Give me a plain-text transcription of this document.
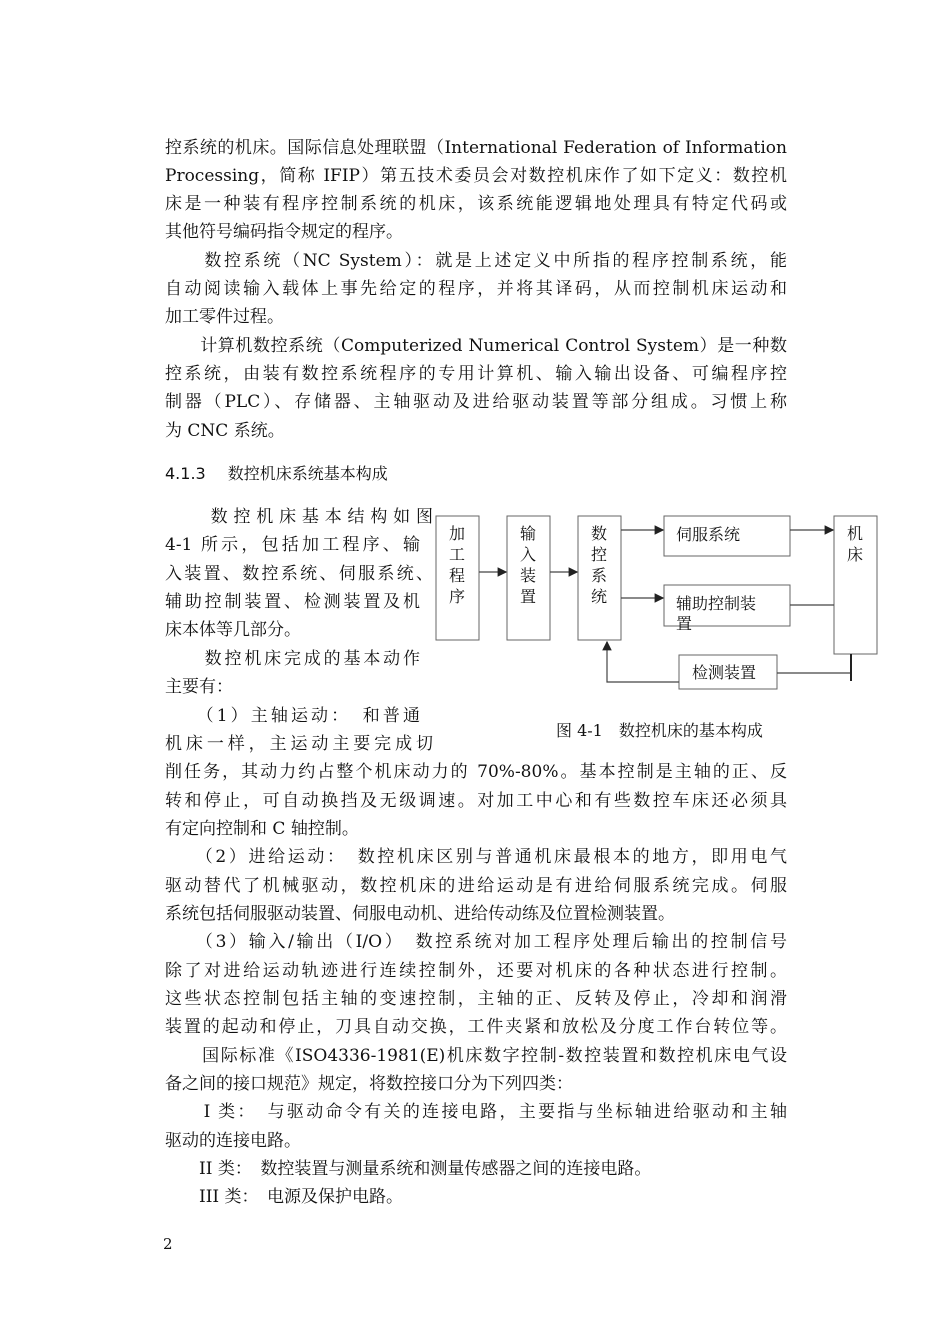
控系统的机床。国际信息处理联盟（International Federation of Information
Processing，简称 IFIP）第五技术委员会对数控机床作了如下定义：数控机
床是一种装有程序控制系统的机床，该系统能逻辑地处理具有特定代码或
其他符号编码指令规定的程序。
　　数控系统（NC System）：就是上述定义中所指的程序控制系统，能
自动阅读输入载体上事先给定的程序，并将其译码，从而控制机床运动和
加工零件过程。
　　计算机数控系统（Computerized Numerical Control System）是一种数
控系统，由装有数控系统程序的专用计算机、输入输出设备、可编程序控
制器（PLC）、存储器、主轴驱动及进给驱动装置等部分组成。习惯上称
为 CNC 系统。
4.1.3 数控机床系统基本构成
　　数控机床基本结构如图
4-1 所示，包括加工程序、输
入装置、数控系统、伺服系统、
辅助控制装置、检测装置及机
床本体等几部分。
　　数控机床完成的基本动作
主要有：
　　（1）主轴运动：　和普通
机床一样，主运动主要完成切
加工程序
输入装置
数控系统
伺服系统
辅助控制装置
机床
检测装置
图 4-1　数控机床的基本构成
削任务，其动力约占整个机床动力的 70%-80%。基本控制是主轴的正、反
转和停止，可自动换挡及无级调速。对加工中心和有些数控车床还必须具
有定向控制和 C 轴控制。
　　（2）进给运动：　数控机床区别与普通机床最根本的地方，即用电气
驱动替代了机械驱动，数控机床的进给运动是有进给伺服系统完成。伺服
系统包括伺服驱动装置、伺服电动机、进给传动练及位置检测装置。
　　（3）输入/输出（I/O）　数控系统对加工程序处理后输出的控制信号
除了对进给运动轨迹进行连续控制外，还要对机床的各种状态进行控制。
这些状态控制包括主轴的变速控制，主轴的正、反转及停止，冷却和润滑
装置的起动和停止，刀具自动交换，工件夹紧和放松及分度工作台转位等。
　　国际标准《ISO4336-1981(E)机床数字控制-数控装置和数控机床电气设
备之间的接口规范》规定，将数控接口分为下列四类：
　　I 类：　与驱动命令有关的连接电路，主要指与坐标轴进给驱动和主轴
驱动的连接电路。
　　II 类：　数控装置与测量系统和测量传感器之间的连接电路。
　　III 类：　电源及保护电路。
2
